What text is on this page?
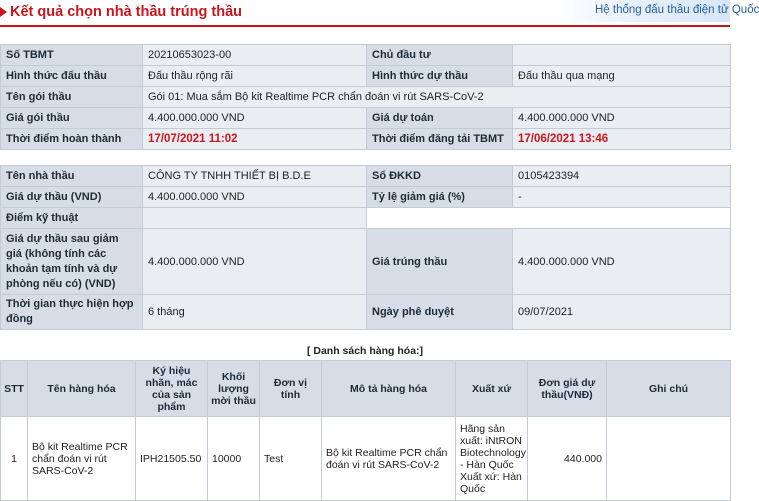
Kết quả chọn nhà thầu trúng thầu	Hệ thống đấu thầu điện tử Quốc
Số TBMT	20210653023-00	Chủ đầu tư	
Hình thức đấu thầu	Đấu thầu rộng rãi	Hình thức dự thầu	Đấu thầu qua mạng
Tên gói thầu	Gói 01: Mua sắm Bộ kit Realtime PCR chẩn đoán vi rút SARS-CoV-2		
Giá gói thầu	4.400.000.000 VND	Giá dự toán	4.400.000.000 VND
Thời điểm hoàn thành	17/07/2021 11:02	Thời điểm đăng tải TBMT	17/06/2021 13:46
Tên nhà thầu	CÔNG TY TNHH THIẾT BỊ B.D.E	Số ĐKKD	0105423394
Giá dự thầu (VND)	4.400.000.000 VND	Tỷ lệ giảm giá (%)	-
Điểm kỹ thuật			
Giá dự thầu sau giảm giá (không tính các khoản tạm tính và dự phòng nếu có) (VND)	4.400.000.000 VND	Giá trúng thầu	4.400.000.000 VND
Thời gian thực hiện hợp đồng	6 tháng	Ngày phê duyệt	09/07/2021
[ Danh sách hàng hóa:]
STT	Tên hàng hóa	Ký hiệu nhãn, mác của sản phẩm	Khối lượng mời thầu	Đơn vị tính	Mô tả hàng hóa	Xuất xứ	Đơn giá dự thầu(VNĐ)	Ghi chú
1	Bộ kit Realtime PCR chẩn đoán vi rút SARS-CoV-2	IPH21505.50	10000	Test	Bộ kit Realtime PCR chẩn đoán vi rút SARS-CoV-2	Hãng sản xuất: iNtRON Biotechnology - Hàn Quốc Xuất xứ: Hàn Quốc	440.000	
